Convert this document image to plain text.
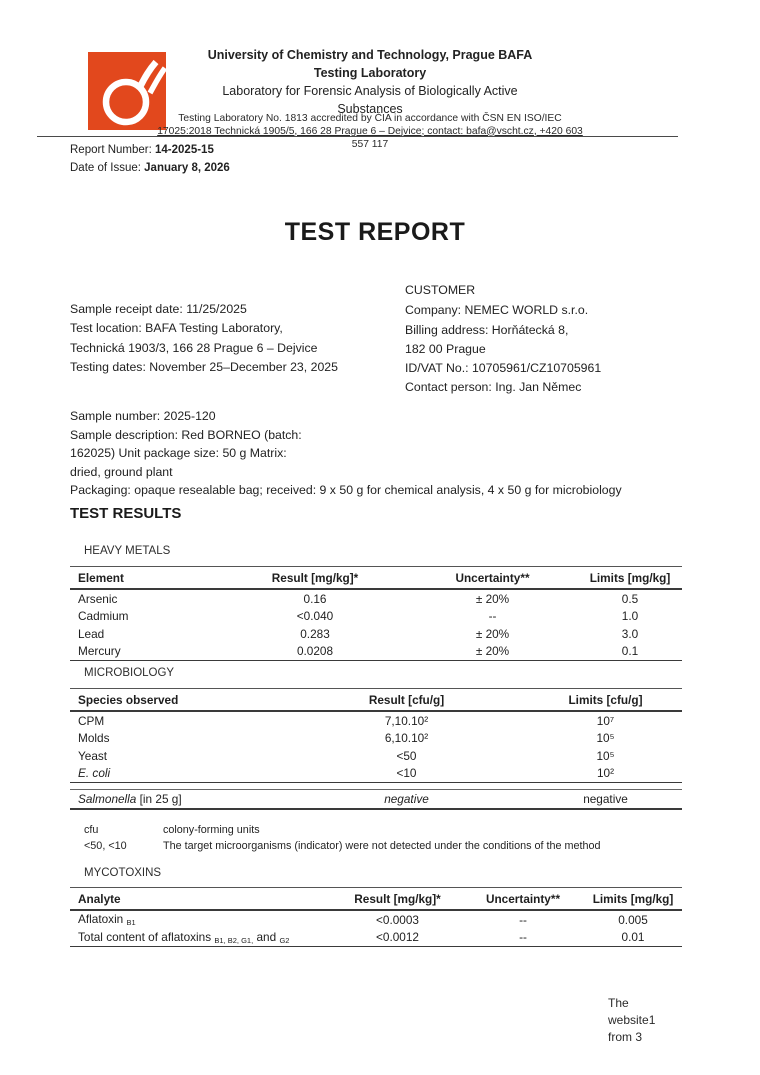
University of Chemistry and Technology, Prague BAFA
Testing Laboratory
Laboratory for Forensic Analysis of Biologically Active
Substances
Testing Laboratory No. 1813 accredited by ČIA in accordance with ČSN EN ISO/IEC
17025:2018 Technická 1905/5, 166 28 Prague 6 – Dejvice; contact: bafa@vscht.cz, +420 603
557 117
Report Number: 14-2025-15
Date of Issue: January 8, 2026
TEST REPORT
Sample receipt date: 11/25/2025
Test location: BAFA Testing Laboratory,
Technická 1903/3, 166 28 Prague 6 – Dejvice
Testing dates: November 25–December 23, 2025
CUSTOMER
Company: NEMEC WORLD s.r.o.
Billing address: Horňátecká 8,
182 00 Prague
ID/VAT No.: 10705961/CZ10705961
Contact person: Ing. Jan Němec
Sample number: 2025-120
Sample description: Red BORNEO (batch:
162025) Unit package size: 50 g Matrix:
dried, ground plant
Packaging: opaque resealable bag; received: 9 x 50 g for chemical analysis, 4 x 50 g for microbiology
TEST RESULTS
HEAVY METALS
Element	Result [mg/kg]*	Uncertainty**	Limits [mg/kg]
Arsenic	0.16	± 20%	0.5
Cadmium	<0.040	--	1.0
Lead	0.283	± 20%	3.0
Mercury	0.0208	± 20%	0.1
MICROBIOLOGY
Species observed	Result [cfu/g]	Limits [cfu/g]
CPM	7,10.10²	10⁷
Molds	6,10.10²	10⁵
Yeast	<50	10⁵
E. coli	<10	10²
Salmonella [in 25 g]	negative	negative
cfu	colony-forming units
<50, <10	The target microorganisms (indicator) were not detected under the conditions of the method
MYCOTOXINS
Analyte	Result [mg/kg]*	Uncertainty**	Limits [mg/kg]
Aflatoxin $_{B1}$	<0.0003	--	0.005
Total content of aflatoxins $_{B1, B2, G1,}$ and $_{G2}$	<0.0012	--	0.01
The
website1
from 3
